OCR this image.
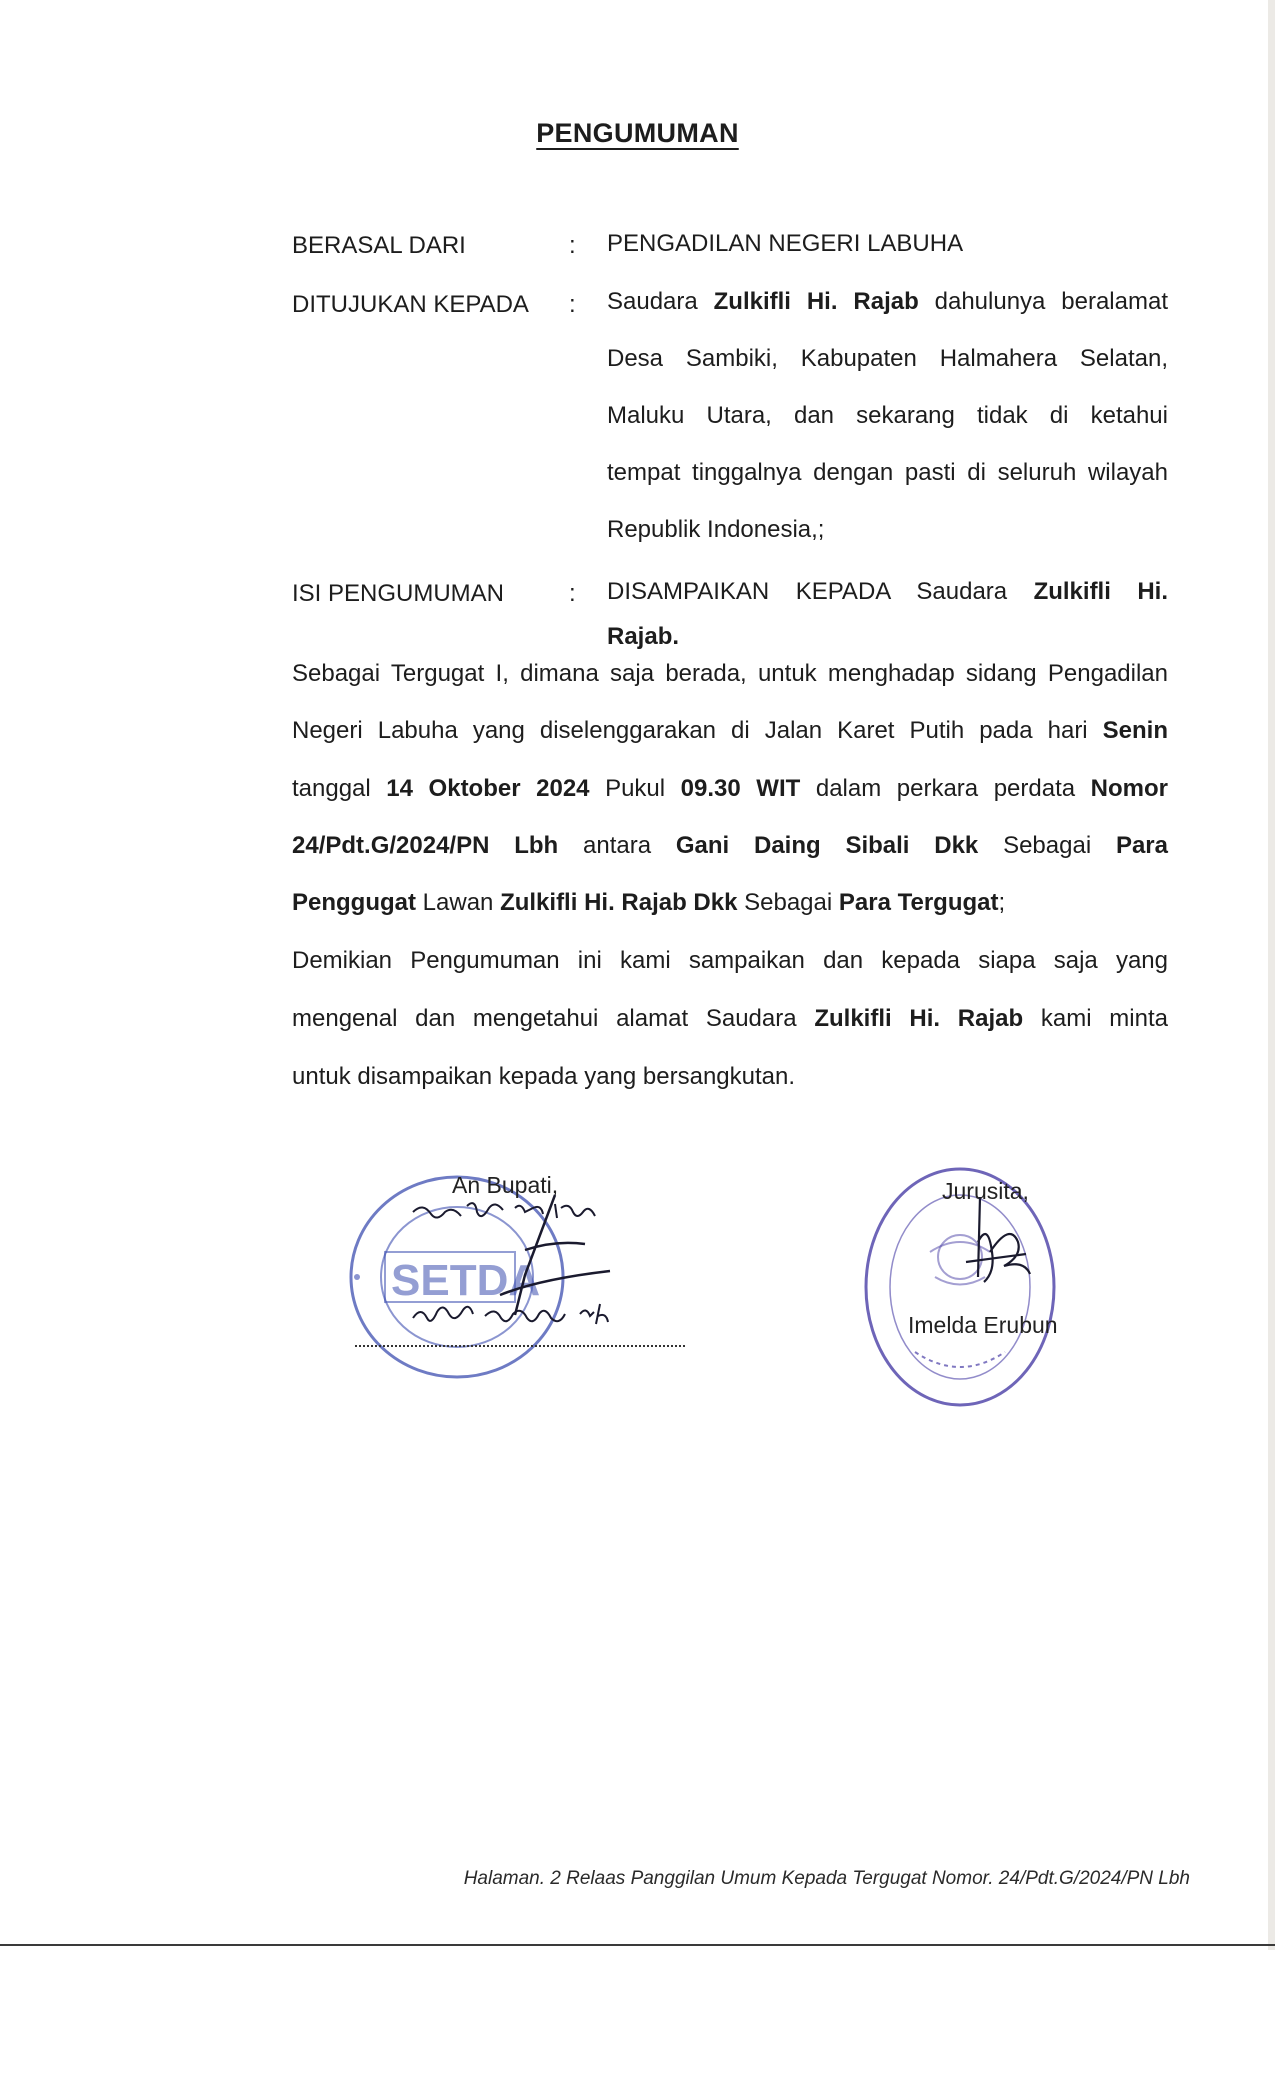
PENGUMUMAN
BERASAL DARI	: PENGADILAN NEGERI LABUHA
DITUJUKAN KEPADA : Saudara Zulkifli Hi. Rajab dahulunya beralamat
Desa Sambiki, Kabupaten Halmahera Selatan,
Maluku Utara, dan sekarang tidak di ketahui
tempat tinggalnya dengan pasti di seluruh wilayah
Republik Indonesia,;
ISI PENGUMUMAN	: DISAMPAIKAN KEPADA Saudara Zulkifli Hi.
Rajab.
Sebagai Tergugat I, dimana saja berada, untuk menghadap sidang Pengadilan
Negeri Labuha yang diselenggarakan di Jalan Karet Putih pada hari Senin
tanggal 14 Oktober 2024 Pukul 09.30 WIT dalam perkara perdata Nomor
24/Pdt.G/2024/PN Lbh antara Gani Daing Sibali Dkk Sebagai Para
Penggugat Lawan Zulkifli Hi. Rajab Dkk Sebagai Para Tergugat;
Demikian Pengumuman ini kami sampaikan dan kepada siapa saja yang
mengenal dan mengetahui alamat Saudara Zulkifli Hi. Rajab kami minta
untuk disampaikan kepada yang bersangkutan.
SETDA
An Bupati,	Jurusita,
Imelda Erubun
Halaman. 2 Relaas Panggilan Umum Kepada Tergugat Nomor. 24/Pdt.G/2024/PN Lbh
